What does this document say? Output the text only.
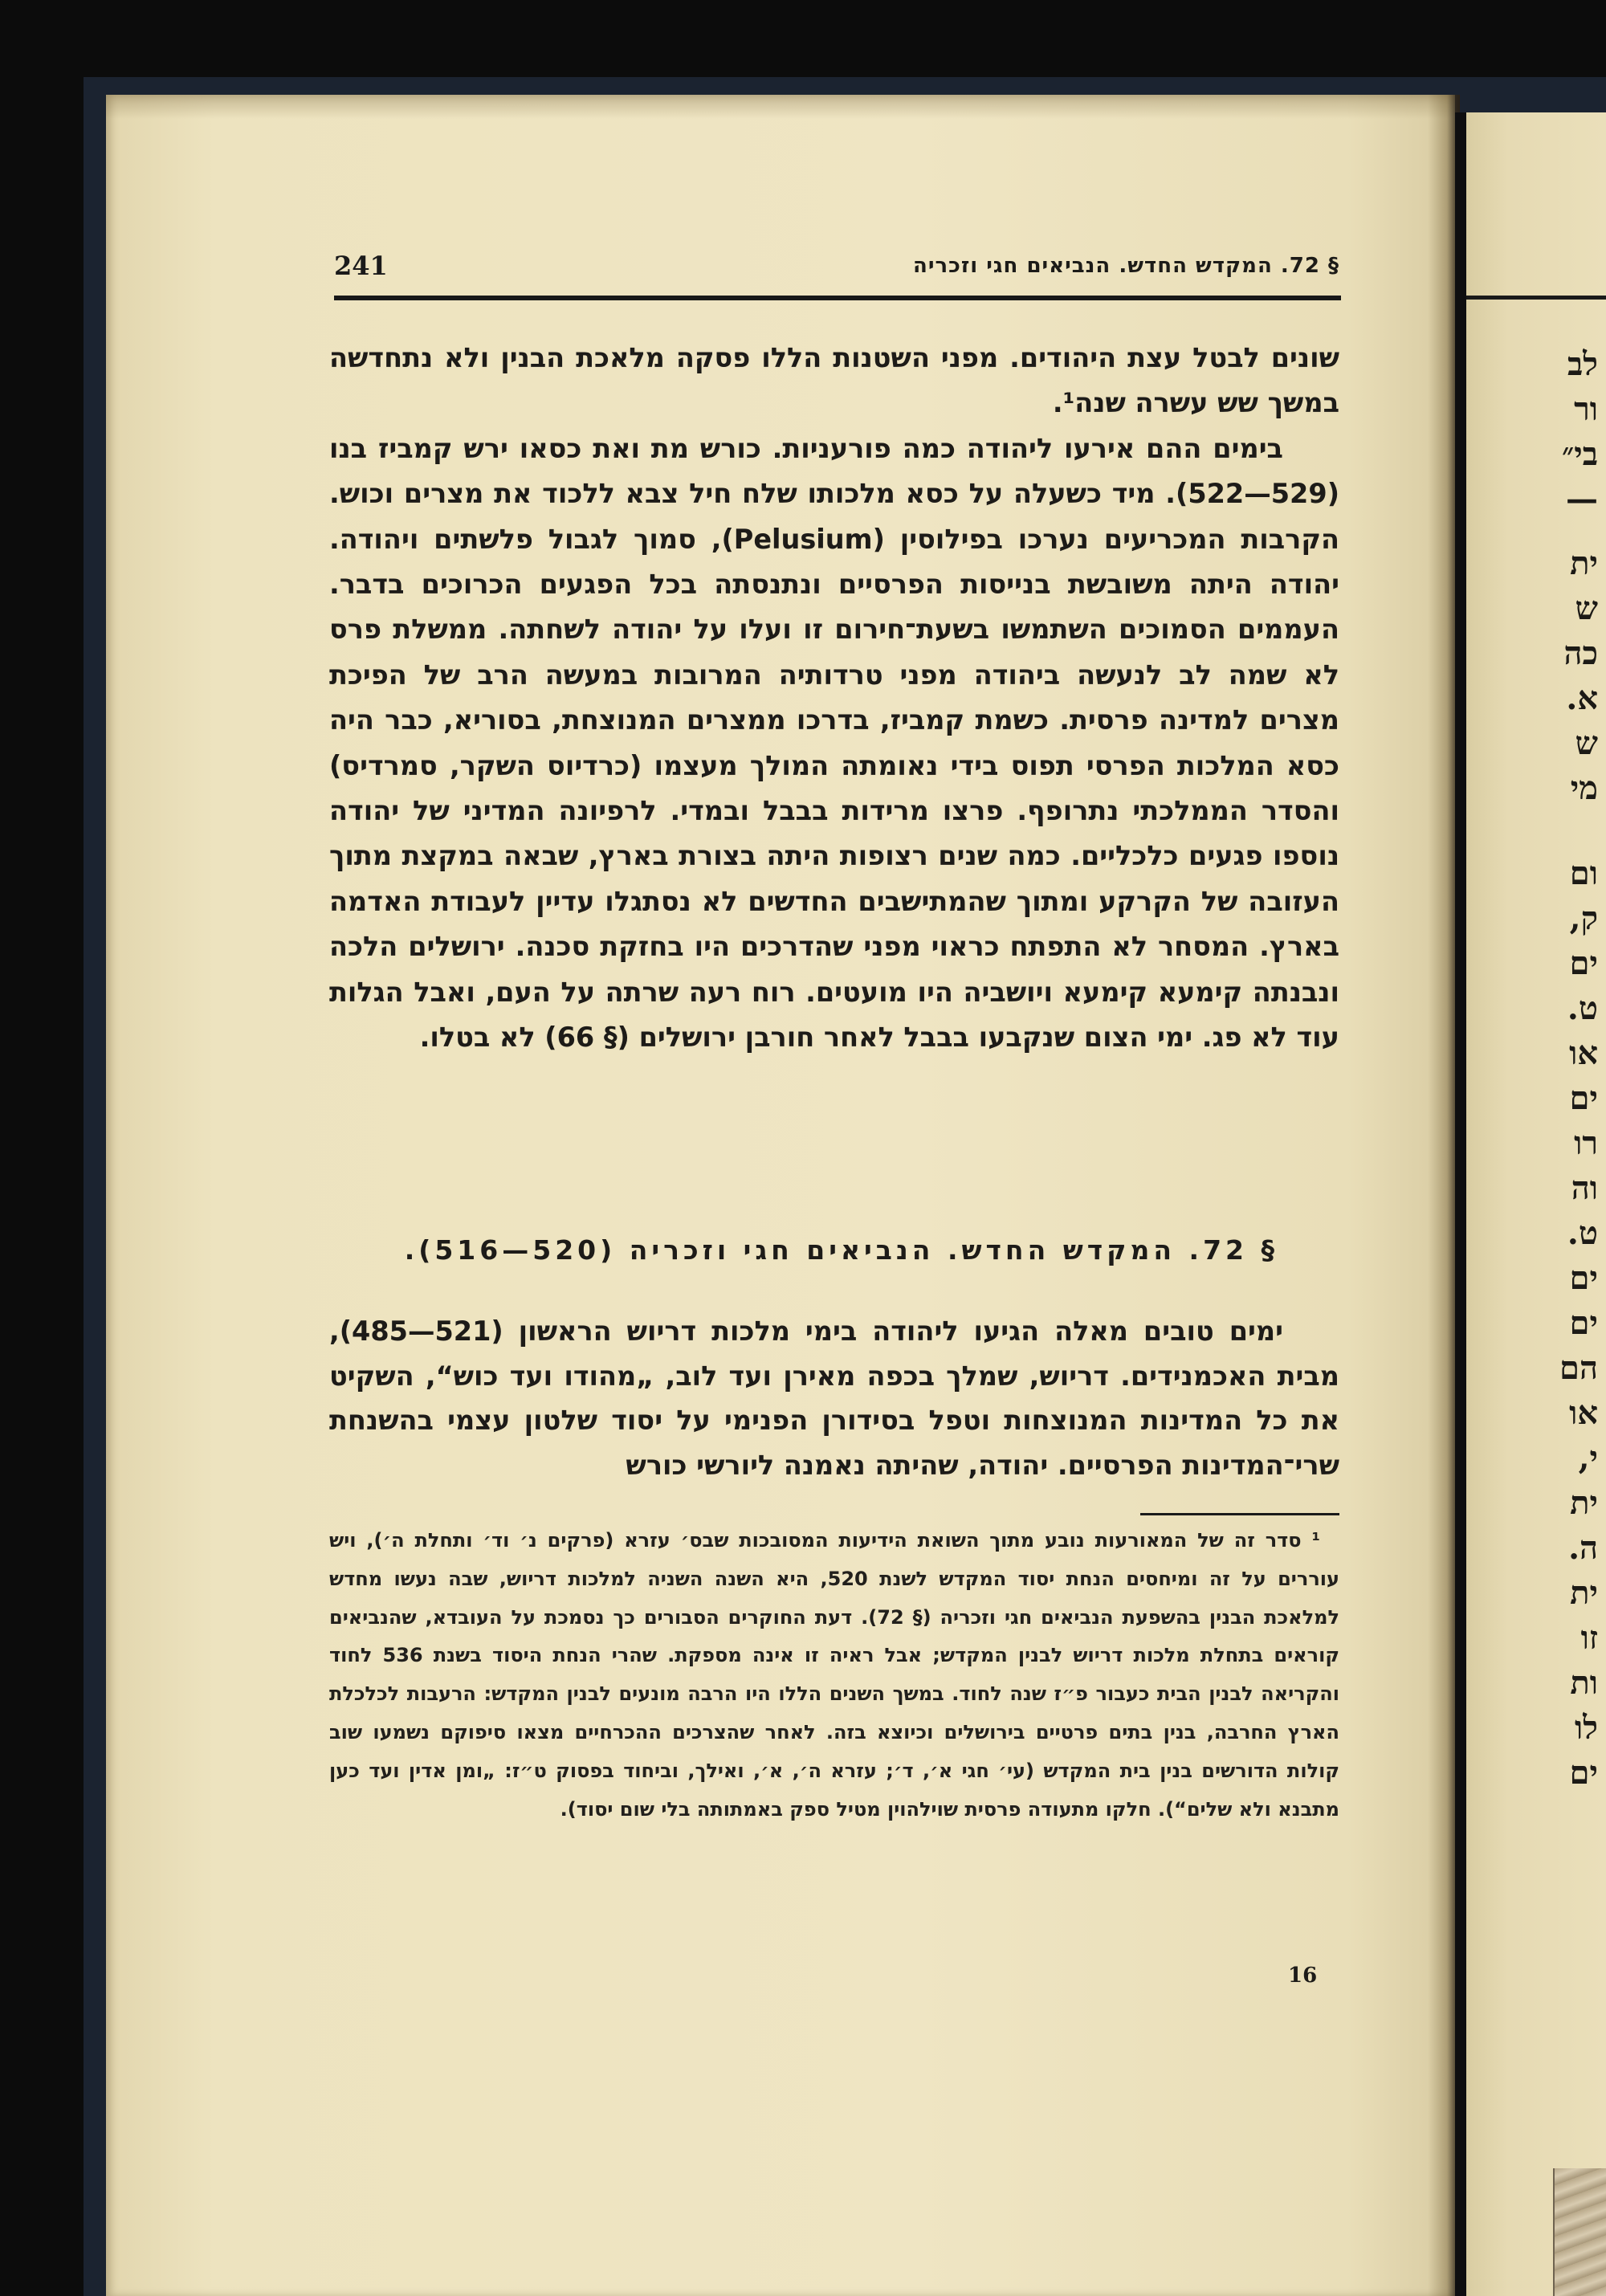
לב
ור
בי״
—
ית
ש
כה
א.
ש
מי
ום
ק,
ים
ט.
או
ים
רו
וה
ט.
ים
ים
הם
או
י,
ית
ה.
ית
זו
ות
לו
ים
241	§ 72. המקדש החדש. הנביאים חגי וזכריה

שונים לבטל עצת היהודים. מפני השטנות הללו פסקה מלאכת הבנין ולא נתחדשה במשך שש עשרה שנה¹.

בימים ההם אירעו ליהודה כמה פורעניות. כורש מת ואת כסאו ירש קמביז בנו (529—522). מיד כשעלה על כסא מלכותו שלח חיל צבא ללכוד את מצרים וכוש. הקרבות המכריעים נערכו בפילוסין (Pelusium), סמוך לגבול פלשתים ויהודה. יהודה היתה משובשת בנייסות הפרסיים ונתנסתה בכל הפגעים הכרוכים בדבר. העממים הסמוכים השתמשו בשעת־חירום זו ועלו על יהודה לשחתה. ממשלת פרס לא שמה לב לנעשה ביהודה מפני טרדותיה המרובות במעשה הרב של הפיכת מצרים למדינה פרסית. כשמת קמביז, בדרכו ממצרים המנוצחת, בסוריא, כבר היה כסא המלכות הפרסי תפוס בידי נאומתה המולך מעצמו (כרדיוס השקר, סמרדיס) והסדר הממלכתי נתרופף. פרצו מרידות בבבל ובמדי. לרפיונה המדיני של יהודה נוספו פגעים כלכליים. כמה שנים רצופות היתה בצורת בארץ, שבאה במקצת מתוך העזובה של הקרקע ומתוך שהמתישבים החדשים לא נסתגלו עדיין לעבודת האדמה בארץ. המסחר לא התפתח כראוי מפני שהדרכים היו בחזקת סכנה. ירושלים הלכה ונבנתה קימעא קימעא ויושביה היו מועטים. רוח רעה שרתה על העם, ואבל הגלות עוד לא פג. ימי הצום שנקבעו בבבל לאחר חורבן ירושלים (§ 66) לא בטלו.

§ 72. המקדש החדש. הנביאים חגי וזכריה (520—516).

ימים טובים מאלה הגיעו ליהודה בימי מלכות דריוש הראשון (521—485), מבית האכמנידים. דריוש, שמלך בכפה מאירן ועד לוב, „מהודו ועד כוש“, השקיט את כל המדינות המנוצחות וטפל בסידורן הפנימי על יסוד שלטון עצמי בהשנחת שרי־המדינות הפרסיים. יהודה, שהיתה נאמנה ליורשי כורש

¹ סדר זה של המאורעות נובע מתוך השואת הידיעות המסובכות שבס׳ עזרא (פרקים נ׳ וד׳ ותחלת ה׳), ויש עוררים על זה ומיחסים הנחת יסוד המקדש לשנת 520, היא השנה השניה למלכות דריוש, שבה נעשו מחדש למלאכת הבנין בהשפעת הנביאים חגי וזכריה (§ 72). דעת החוקרים הסבורים כך נסמכת על העובדא, שהנביאים קוראים בתחלת מלכות דריוש לבנין המקדש; אבל ראיה זו אינה מספקת. שהרי הנחת היסוד בשנת 536 לחוד והקריאה לבנין הבית כעבור פ״ז שנה לחוד. במשך השנים הללו היו הרבה מונעים לבנין המקדש: הרעבות לכלכלת הארץ החרבה, בנין בתים פרטיים בירושלים וכיוצא בזה. לאחר שהצרכים ההכרחיים מצאו סיפוקם נשמעו שוב קולות הדורשים בנין בית המקדש (עי׳ חגי א׳, ד׳; עזרא ה׳, א׳, ואילך, וביחוד בפסוק ט״ז: „ומן אדין ועד כען מתבנא ולא שלים“). חלקו מתעודה פרסית שוילהוין מטיל ספק באמתותה בלי שום יסוד).

16
